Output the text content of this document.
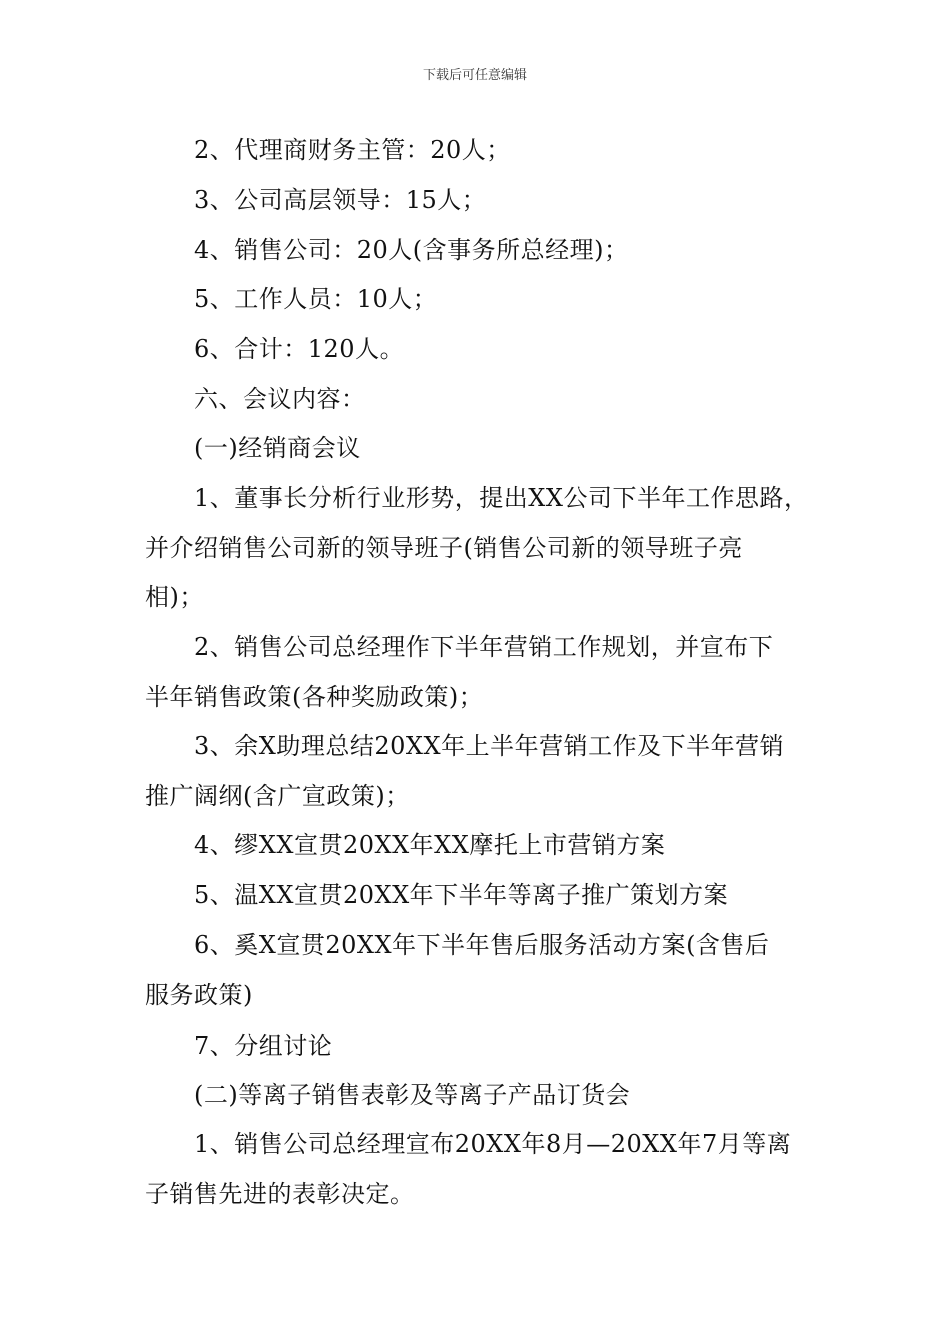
下载后可任意编辑
2、代理商财务主管：20人；
3、公司高层领导：15人；
4、销售公司：20人(含事务所总经理)；
5、工作人员：10人；
6、合计：120人。
六、会议内容：
(一)经销商会议
1、董事长分析行业形势，提出XX公司下半年工作思路，
并介绍销售公司新的领导班子(销售公司新的领导班子亮
相)；
2、销售公司总经理作下半年营销工作规划，并宣布下
半年销售政策(各种奖励政策)；
3、余X助理总结20XX年上半年营销工作及下半年营销
推广阔纲(含广宣政策)；
4、缪XX宣贯20XX年XX摩托上市营销方案
5、温XX宣贯20XX年下半年等离子推广策划方案
6、奚X宣贯20XX年下半年售后服务活动方案(含售后
服务政策)
7、分组讨论
(二)等离子销售表彰及等离子产品订货会
1、销售公司总经理宣布20XX年8月—20XX年7月等离
子销售先进的表彰决定。
